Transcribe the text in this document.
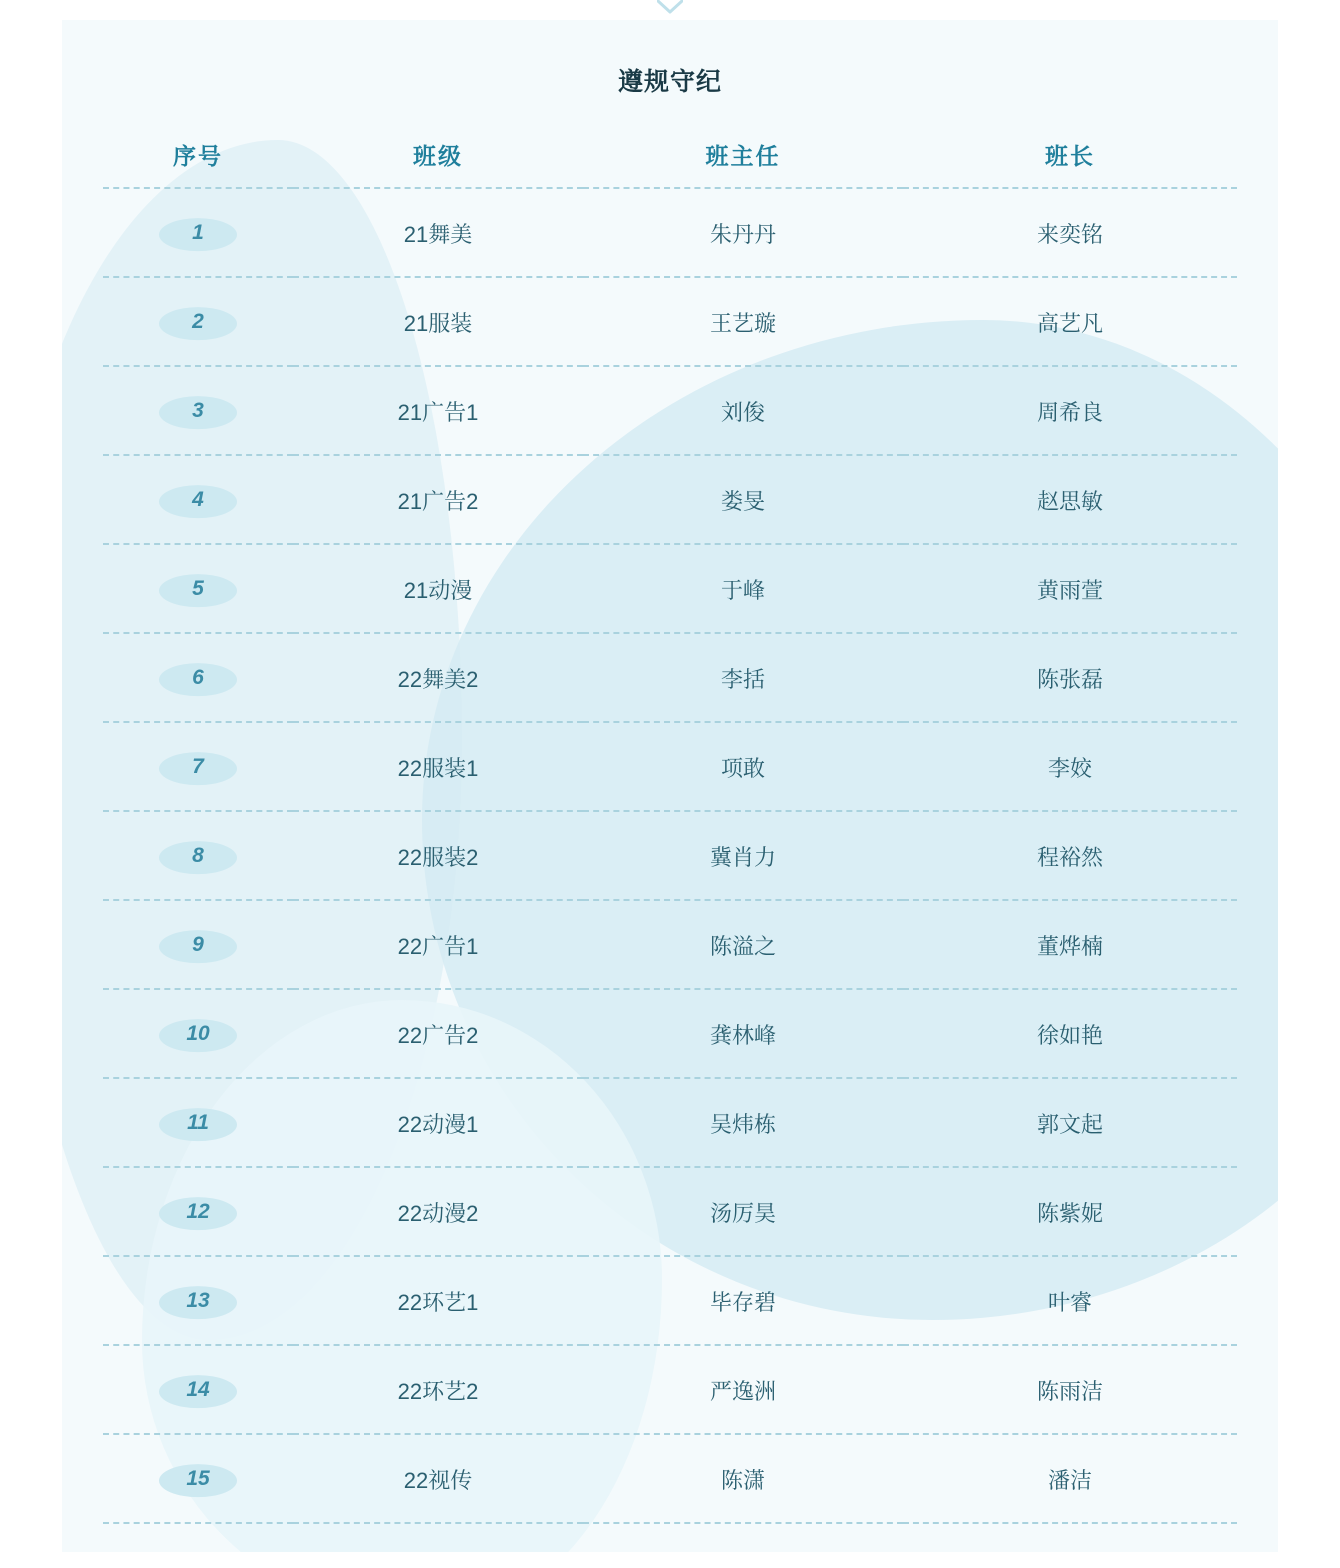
遵规守纪
序号	班级	班主任	班长
1	21舞美	朱丹丹	来奕铭
2	21服装	王艺璇	高艺凡
3	21广告1	刘俊	周希良
4	21广告2	娄旻	赵思敏
5	21动漫	于峰	黄雨萱
6	22舞美2	李括	陈张磊
7	22服装1	项敢	李姣
8	22服装2	冀肖力	程裕然
9	22广告1	陈溢之	董烨楠
10	22广告2	龚林峰	徐如艳
11	22动漫1	吴炜栋	郭文起
12	22动漫2	汤厉昊	陈紫妮
13	22环艺1	毕存碧	叶睿
14	22环艺2	严逸洲	陈雨洁
15	22视传	陈潇	潘洁
